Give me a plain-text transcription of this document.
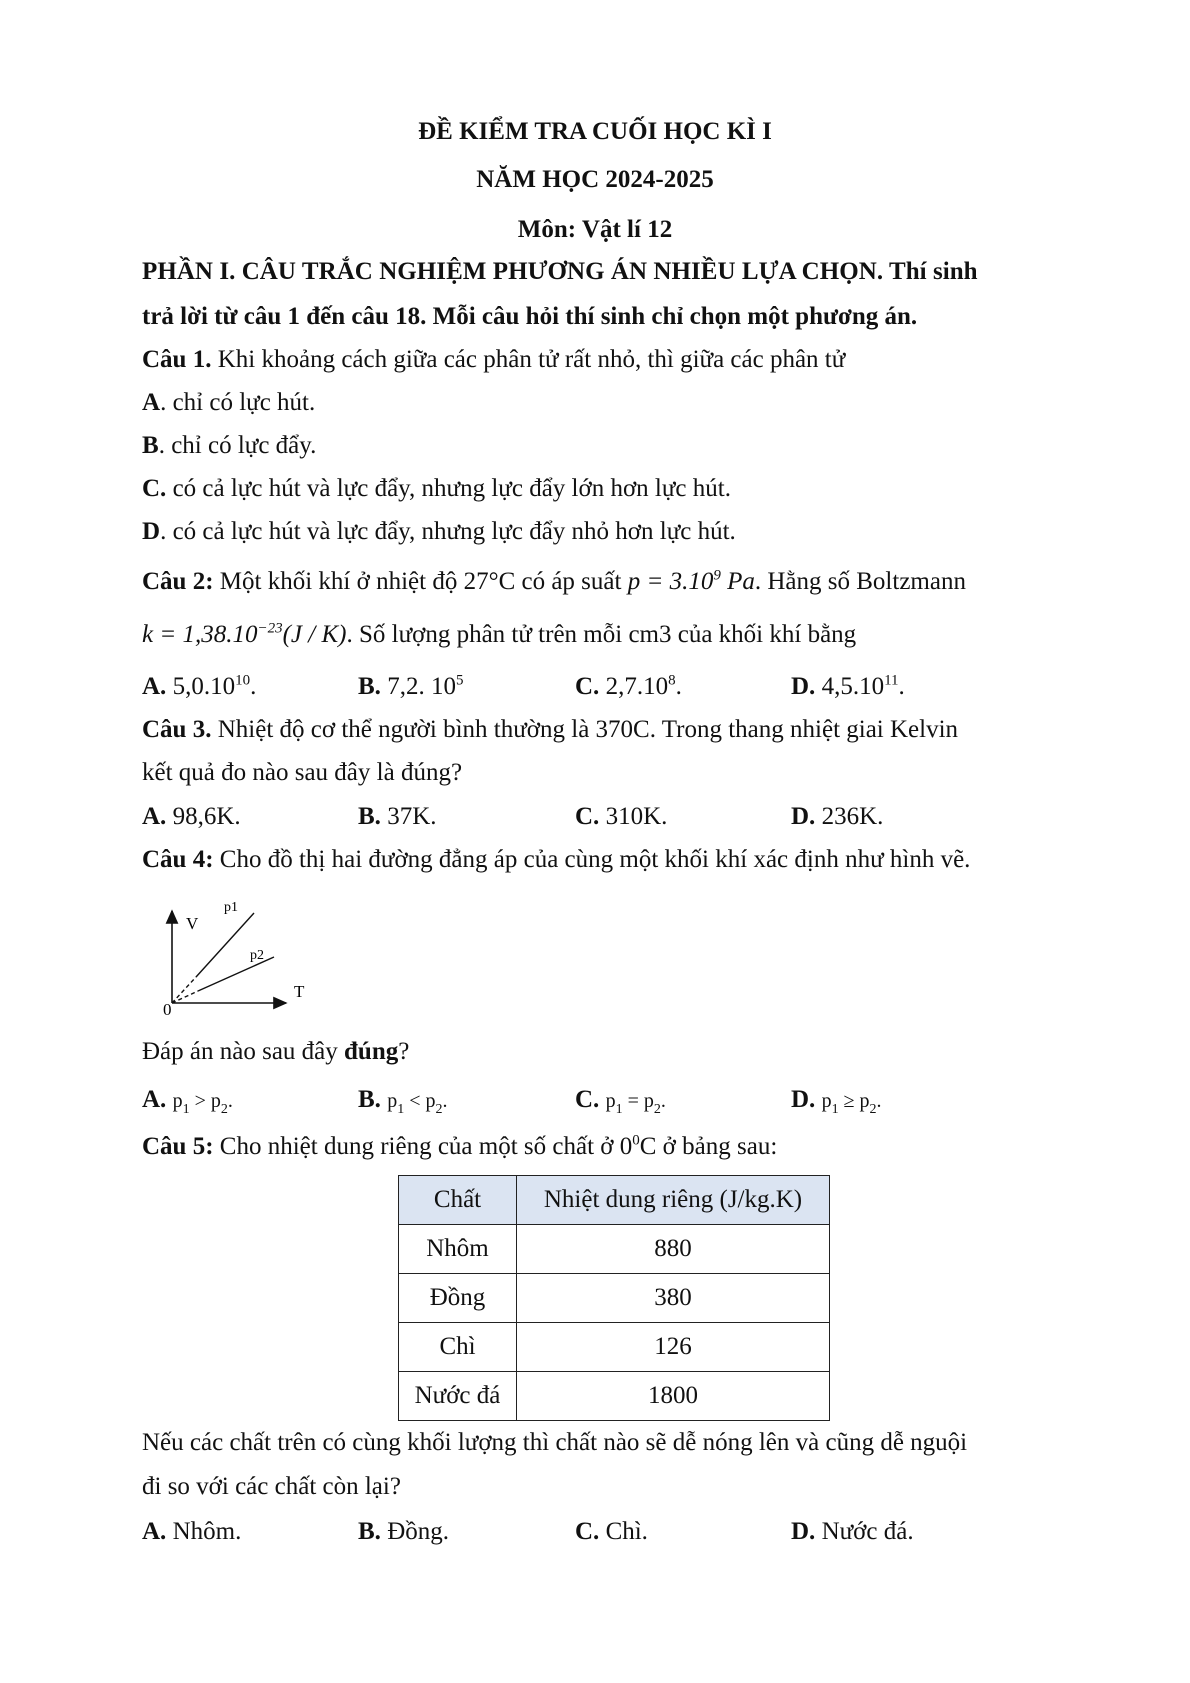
ĐỀ KIỂM TRA CUỐI HỌC KÌ I
NĂM HỌC 2024-2025
Môn: Vật lí 12
PHẦN I. CÂU TRẮC NGHIỆM PHƯƠNG ÁN NHIỀU LỰA CHỌN. Thí sinh
trả lời từ câu 1 đến câu 18. Mỗi câu hỏi thí sinh chỉ chọn một phương án.
Câu 1. Khi khoảng cách giữa các phân tử rất nhỏ, thì giữa các phân tử
A. chỉ có lực hút.
B. chỉ có lực đẩy.
C. có cả lực hút và lực đẩy, nhưng lực đẩy lớn hơn lực hút.
D. có cả lực hút và lực đẩy, nhưng lực đẩy nhỏ hơn lực hút.
Câu 2: Một khối khí ở nhiệt độ 27°C có áp suất $p = 3.10^9$ Pa. Hằng số Boltzmann
$k = 1,38.10^{-23}(J / K)$. Số lượng phân tử trên mỗi cm3 của khối khí bằng
A. 5,0.10$^{10}$.	B. 7,2. $10^5$	C. 2,7.10$^8$.	D. 4,5.10$^{11}$.
Câu 3. Nhiệt độ cơ thể người bình thường là 370C. Trong thang nhiệt giai Kelvin
kết quả đo nào sau đây là đúng?
A. 98,6K.	B. 37K.	C. 310K.	D. 236K.
Câu 4: Cho đồ thị hai đường đẳng áp của cùng một khối khí xác định như hình vẽ.
V
T
0
p1
p2
Đáp án nào sau đây đúng?
A. $p_1 > p_2$.	B. $p_1 < p_2$.	C. $p_1 = p_2$.	D. $p_1 \ge p_2$.
Câu 5: Cho nhiệt dung riêng của một số chất ở $0^0C$ ở bảng sau:
Chất	Nhiệt dung riêng (J/kg.K)
Nhôm	880
Đồng	380
Chì	126
Nước đá	1800
Nếu các chất trên có cùng khối lượng thì chất nào sẽ dễ nóng lên và cũng dễ nguội
đi so với các chất còn lại?
A. Nhôm.	B. Đồng.	C. Chì.	D. Nước đá.
